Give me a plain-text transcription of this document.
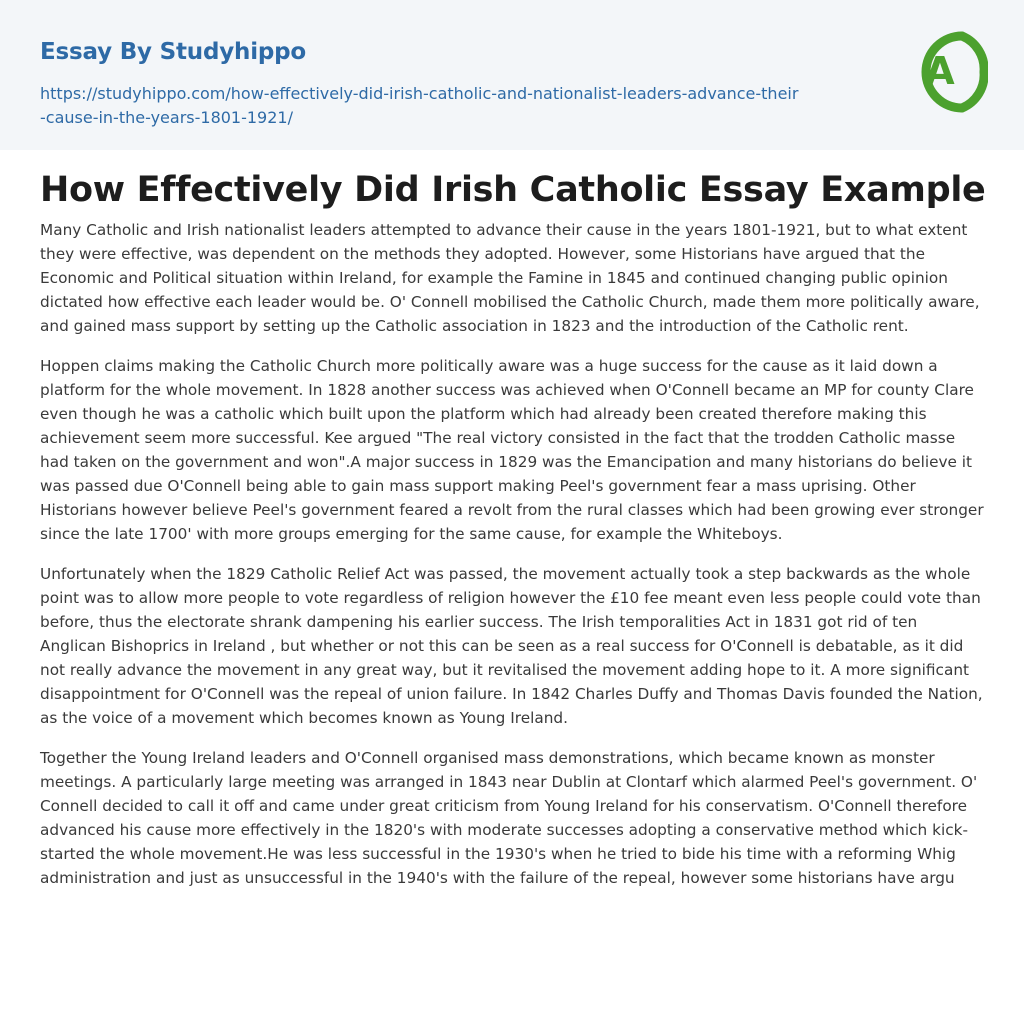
Essay By Studyhippo
https://studyhippo.com/how-effectively-did-irish-catholic-and-nationalist-leaders-advance-their-cause-in-the-years-1801-1921/
A
How Effectively Did Irish Catholic Essay Example

Many Catholic and Irish nationalist leaders attempted to advance their cause in the years 1801-1921, but to what extent they were effective, was dependent on the methods they adopted. However, some Historians have argued that the Economic and Political situation within Ireland, for example the Famine in 1845 and continued changing public opinion dictated how effective each leader would be. O' Connell mobilised the Catholic Church, made them more politically aware, and gained mass support by setting up the Catholic association in 1823 and the introduction of the Catholic rent.

Hoppen claims making the Catholic Church more politically aware was a huge success for the cause as it laid down a platform for the whole movement. In 1828 another success was achieved when O'Connell became an MP for county Clare even though he was a catholic which built upon the platform which had already been created therefore making this achievement seem more successful. Kee argued "The real victory consisted in the fact that the trodden Catholic masse had taken on the government and won".A major success in 1829 was the Emancipation and many historians do believe it was passed due O'Connell being able to gain mass support making Peel's government fear a mass uprising. Other Historians however believe Peel's government feared a revolt from the rural classes which had been growing ever stronger since the late 1700' with more groups emerging for the same cause, for example the Whiteboys.

Unfortunately when the 1829 Catholic Relief Act was passed, the movement actually took a step backwards as the whole point was to allow more people to vote regardless of religion however the £10 fee meant even less people could vote than before, thus the electorate shrank dampening his earlier success. The Irish temporalities Act in 1831 got rid of ten Anglican Bishoprics in Ireland , but whether or not this can be seen as a real success for O'Connell is debatable, as it did not really advance the movement in any great way, but it revitalised the movement adding hope to it. A more significant disappointment for O'Connell was the repeal of union failure. In 1842 Charles Duffy and Thomas Davis founded the Nation, as the voice of a movement which becomes known as Young Ireland.

Together the Young Ireland leaders and O'Connell organised mass demonstrations, which became known as monster meetings. A particularly large meeting was arranged in 1843 near Dublin at Clontarf which alarmed Peel's government. O' Connell decided to call it off and came under great criticism from Young Ireland for his conservatism. O'Connell therefore advanced his cause more effectively in the 1820's with moderate successes adopting a conservative method which kick-started the whole movement.He was less successful in the 1930's when he tried to bide his time with a reforming Whig administration and just as unsuccessful in the 1940's with the failure of the repeal, however some historians have argu
